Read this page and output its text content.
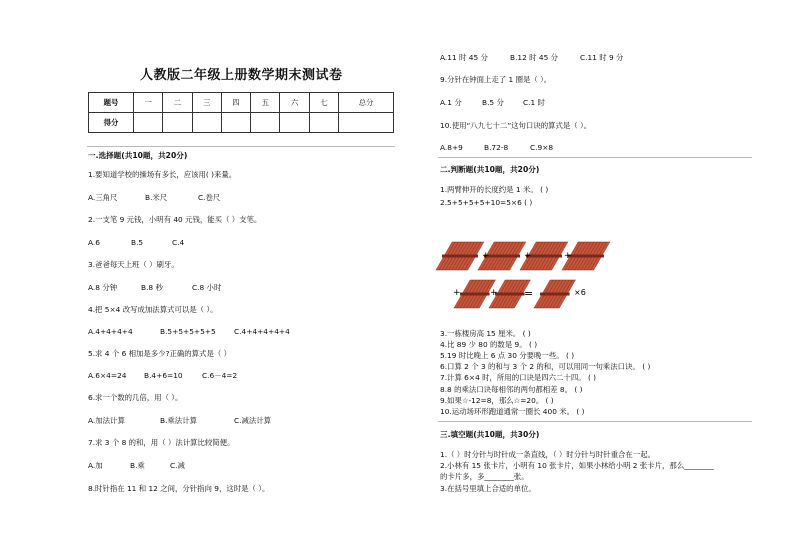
人教版二年级上册数学期末测试卷
题号	一	二	三	四	五	六	七	总分
得分								
一.选择题(共10题，共20分)
1.要知道学校的操场有多长，应该用( )来量。
A.三角尺	B.米尺	C.卷尺
2.一支笔 9 元钱，小明有 40 元钱，能买（ ）支笔。
A.6	B.5	C.4
3.爸爸每天上班（ ）刷牙。
A.8 分钟	B.8 秒	C.8 小时
4.把 5×4 改写成加法算式可以是（ ）。
A.4+4+4+4	B.5+5+5+5+5 C.4+4+4+4+4
5.求 4 个 6 相加是多少?正确的算式是（ ）
A.6×4=24 B.4+6=10	C.6－4=2
6.求一个数的几倍，用（ ）。
A.加法计算	B.乘法计算	C.减法计算
7.求 3 个 8 的和，用（ ）法计算比较简便。
A.加	B.乘	C.减
8.时针指在 11 和 12 之间，分针指向 9，这时是（ ）。
A.11 时 45 分	B.12 时 45 分	C.11 时 9 分
9.分针在钟面上走了 1 圈是（ ）。
A.1 分	B.5 分	C.1 时
10.使用“八九七十二”这句口诀的算式是（ ）。
A.8+9	B.72-8	C.9×8
二.判断题(共10题，共20分)
1.两臂伸开的长度约是 1 米。 ( )
2.5+5+5+5+10=5×6 ( )
+	+	+
+	+ =	×6
3.一栋楼房高 15 厘米。 ( )
4.比 89 少 80 的数是 9。 ( )
5.19 时比晚上 6 点 30 分要晚一些。 ( )
6.口算 2 个 3 的和与 3 个 2 的和，可以用同一句乘法口诀。 ( )
7.计算 6×4 时，所用的口诀是四六二十四。 ( )
8.8 的乘法口诀每相邻的两句都相差 8。 ( )
9.如果☆-12=8，那么☆=20。 ( )
10.运动场环形跑道通常一圈长 400 米。 ( )
三.填空题(共10题，共30分)
1.（ ）时分针与时针成一条直线，（ ）时分针与时针重合在一起。
2.小林有 15 张卡片，小明有 10 张卡片，如果小林给小明 2 张卡片，那么________
的卡片多，多________张。
3.在括号里填上合适的单位。
